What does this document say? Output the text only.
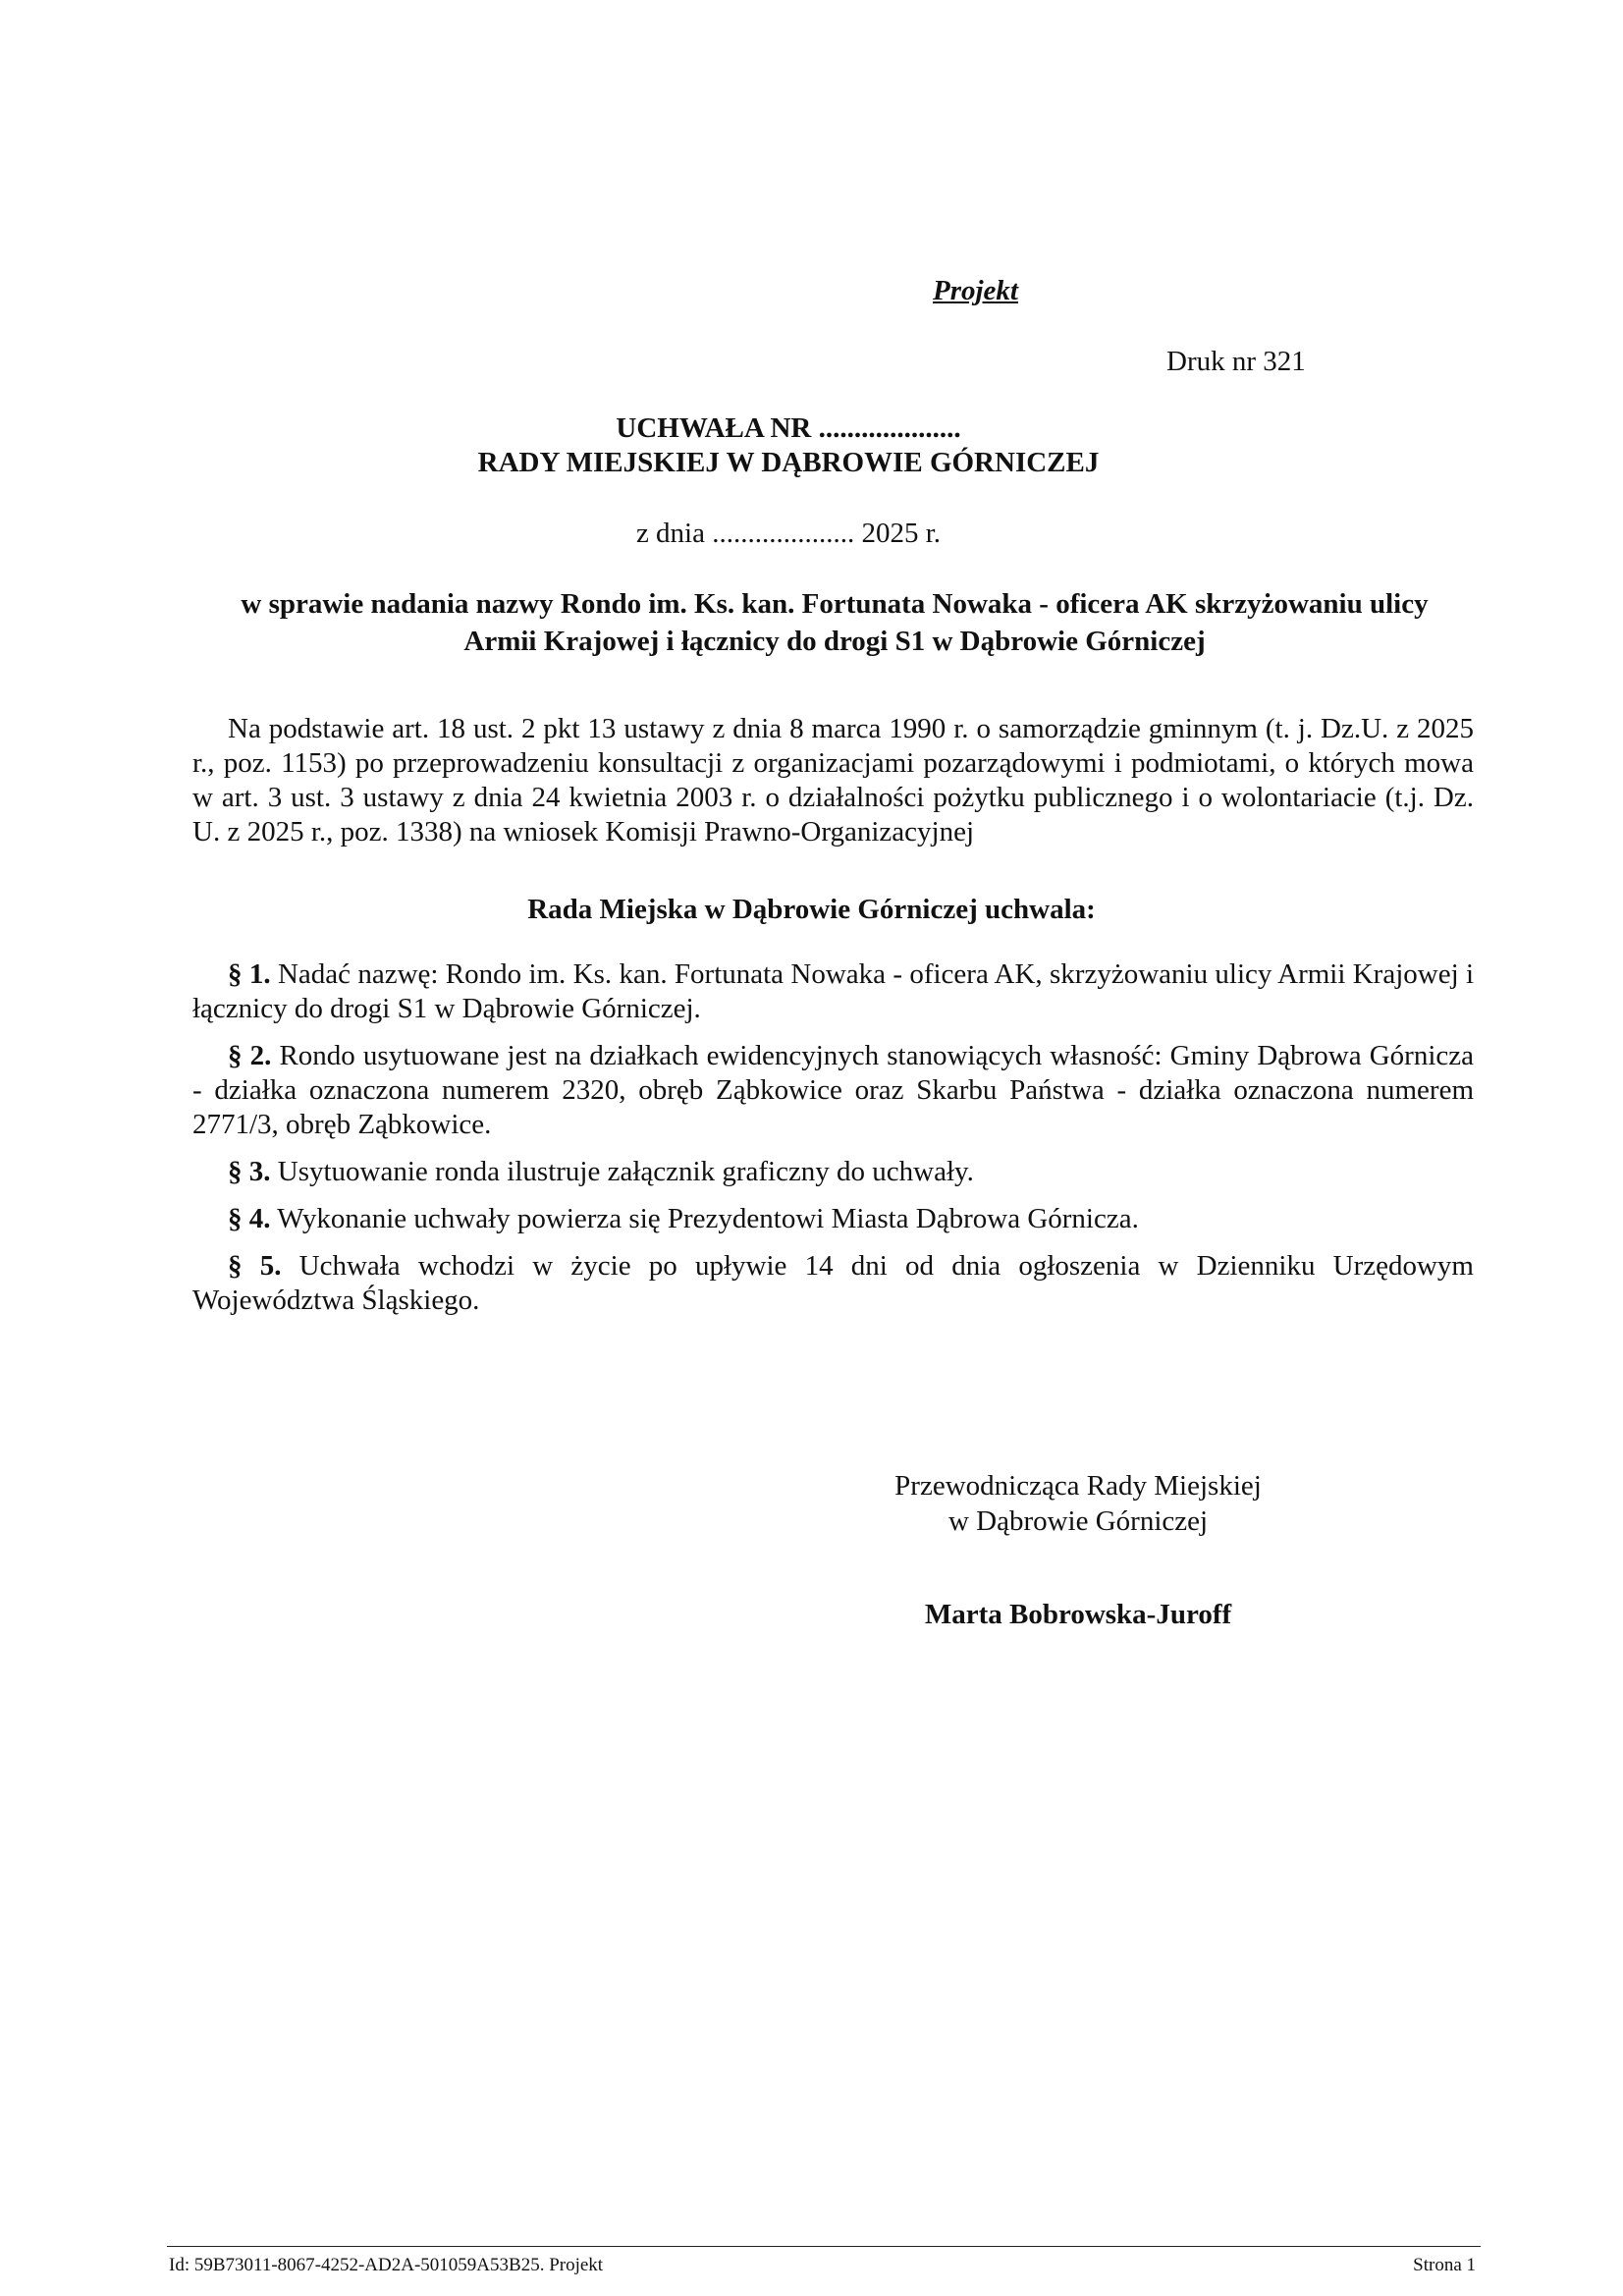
Projekt
Druk nr 321
UCHWAŁA NR ....................
RADY MIEJSKIEJ W DĄBROWIE GÓRNICZEJ
z dnia .................... 2025 r.
w sprawie nadania nazwy Rondo im. Ks. kan. Fortunata Nowaka - oficera AK skrzyżowaniu ulicy
Armii Krajowej i łącznicy do drogi S1 w Dąbrowie Górniczej
Na podstawie art. 18 ust. 2 pkt 13 ustawy z dnia 8 marca 1990 r. o samorządzie gminnym (t. j. Dz.U. z 2025 r., poz. 1153) po przeprowadzeniu konsultacji z organizacjami pozarządowymi i podmiotami, o których mowa w art. 3 ust. 3 ustawy z dnia 24 kwietnia 2003 r. o działalności pożytku publicznego i o wolontariacie (t.j. Dz. U. z 2025 r., poz. 1338) na wniosek Komisji Prawno-Organizacyjnej
Rada Miejska w Dąbrowie Górniczej uchwala:
§ 1. Nadać nazwę: Rondo im. Ks. kan. Fortunata Nowaka - oficera AK, skrzyżowaniu ulicy Armii Krajowej i łącznicy do drogi S1 w Dąbrowie Górniczej.
§ 2. Rondo usytuowane jest na działkach ewidencyjnych stanowiących własność: Gminy Dąbrowa Górnicza - działka oznaczona numerem 2320, obręb Ząbkowice oraz Skarbu Państwa - działka oznaczona numerem 2771/3, obręb Ząbkowice.
§ 3. Usytuowanie ronda ilustruje załącznik graficzny do uchwały.
§ 4. Wykonanie uchwały powierza się Prezydentowi Miasta Dąbrowa Górnicza.
§ 5. Uchwała wchodzi w życie po upływie 14 dni od dnia ogłoszenia w Dzienniku Urzędowym Województwa Śląskiego.
Przewodnicząca Rady Miejskiej
w Dąbrowie Górniczej
Marta Bobrowska-Juroff
Id: 59B73011-8067-4252-AD2A-501059A53B25. Projekt	Strona 1
